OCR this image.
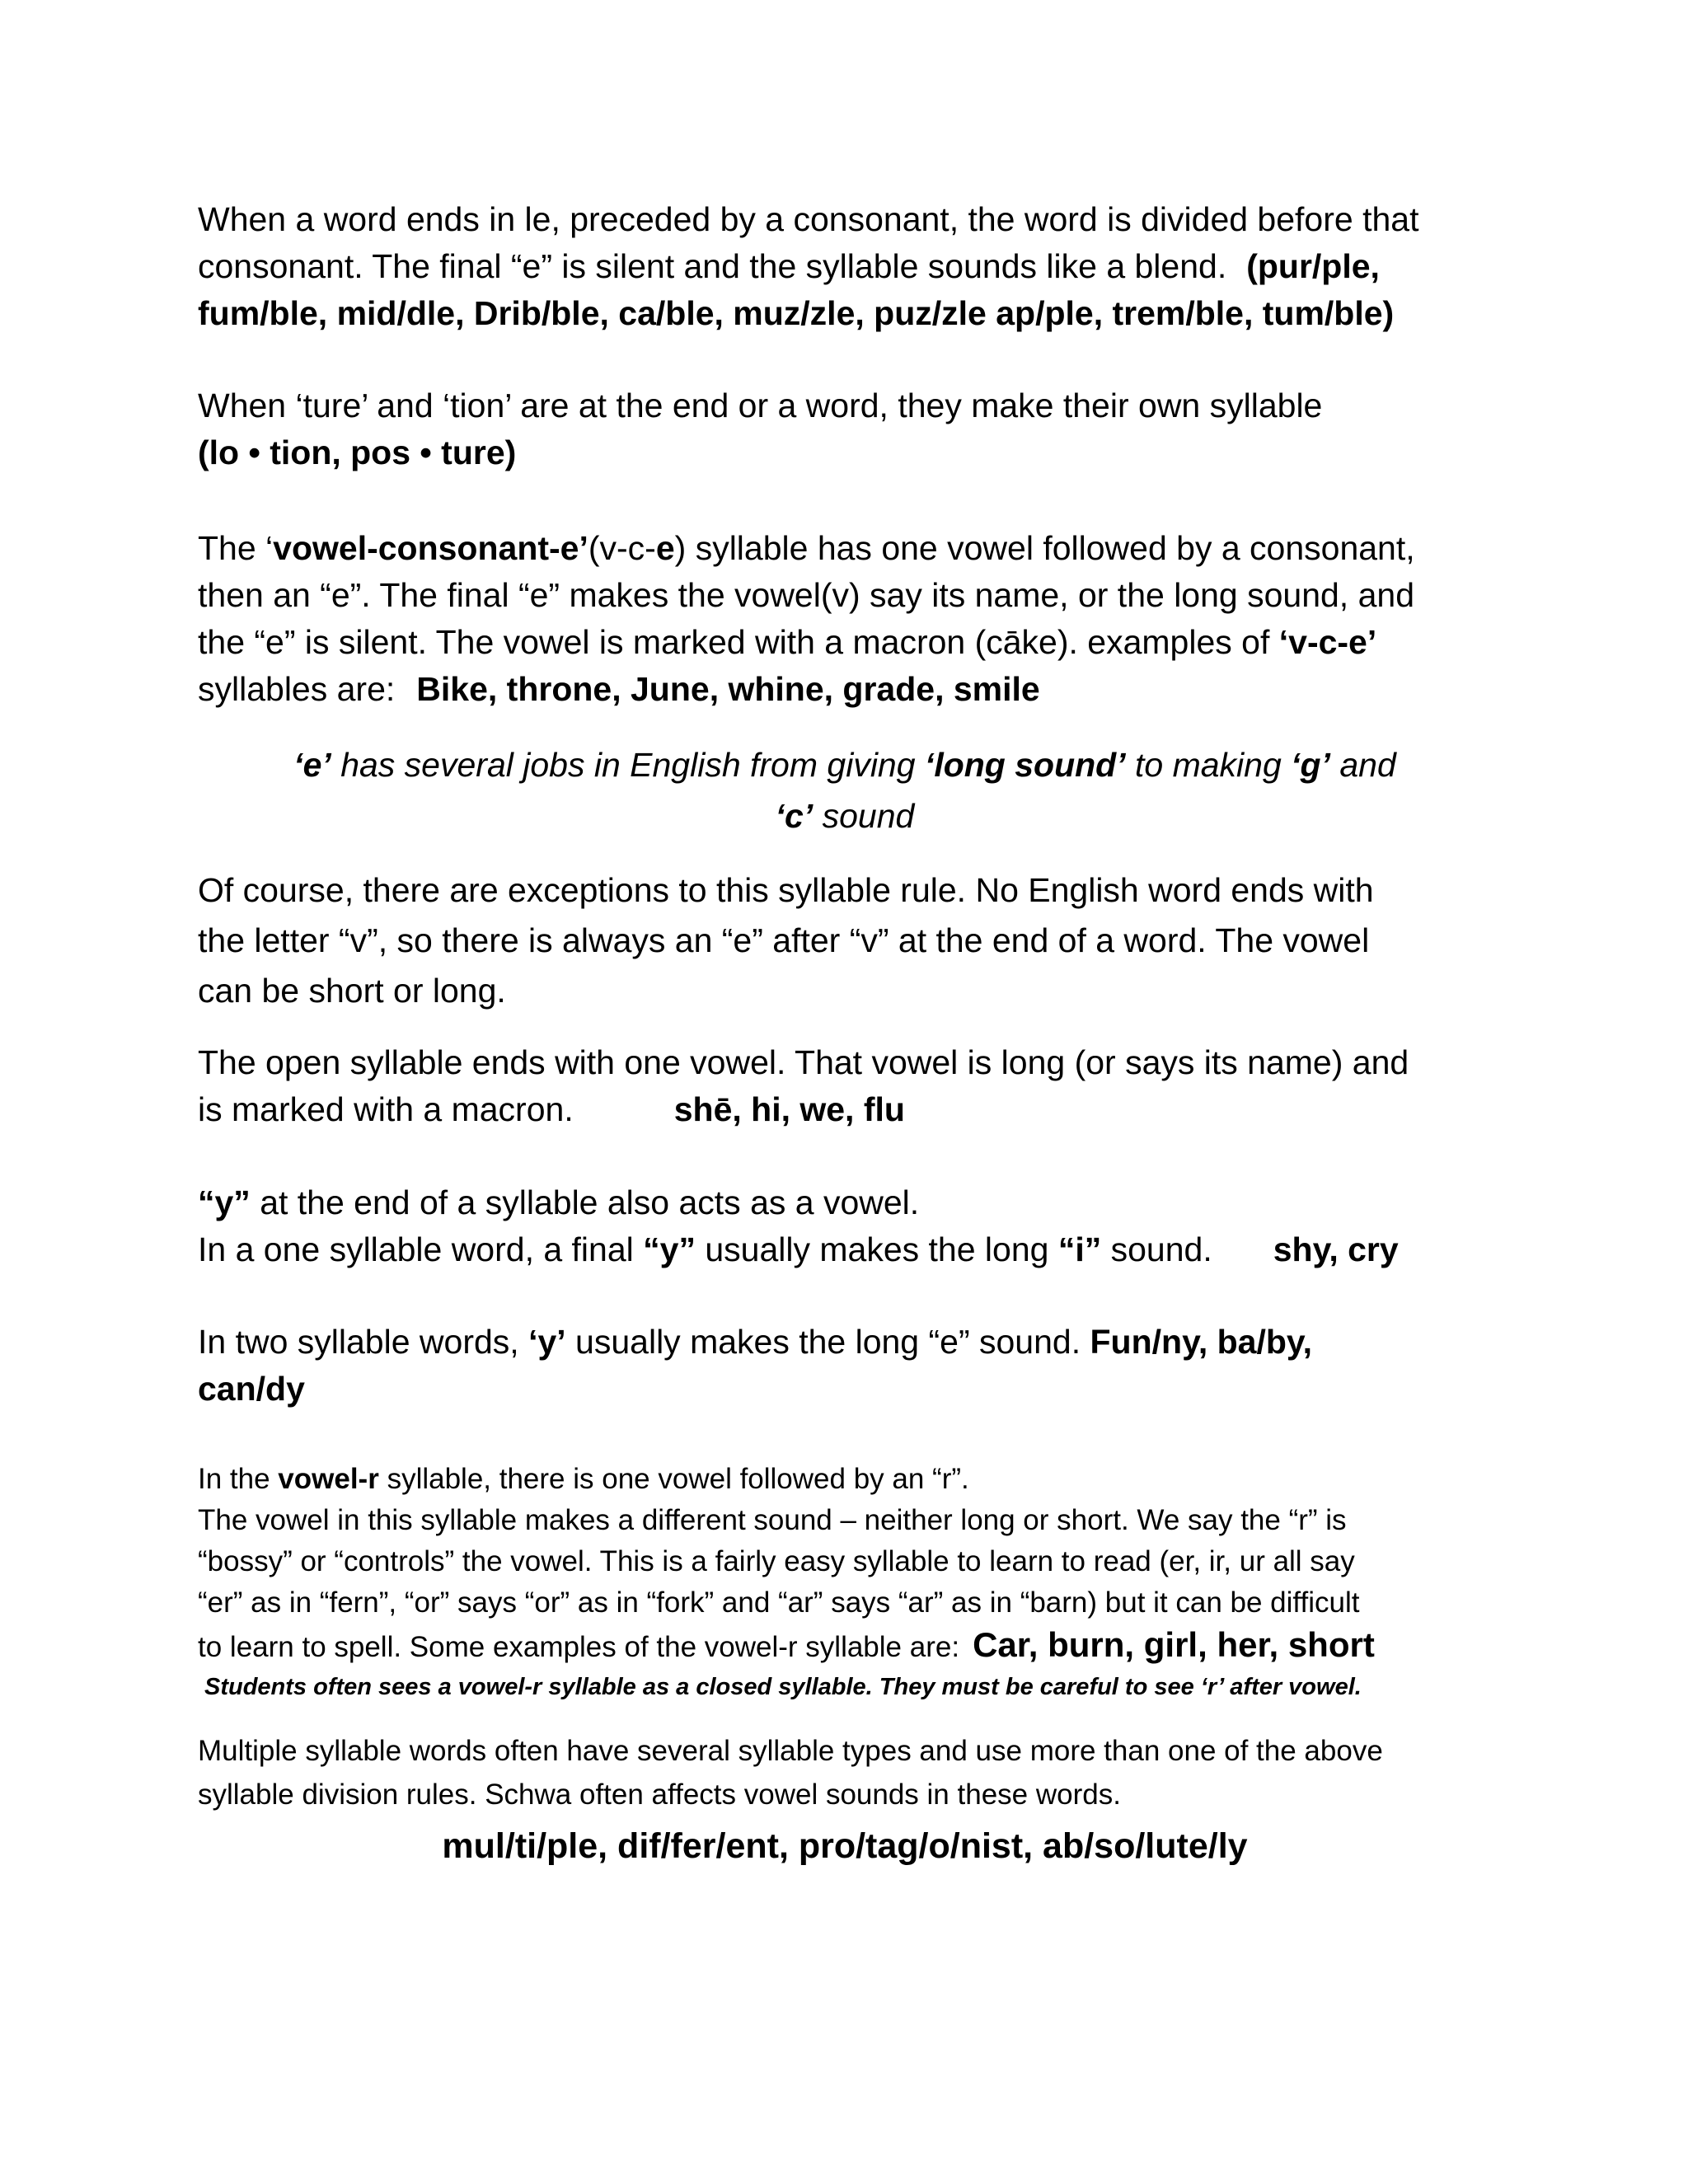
When a word ends in le, preceded by a consonant, the word is divided before that
consonant. The final “e” is silent and the syllable sounds like a blend. (pur/ple,
fum/ble, mid/dle, Drib/ble, ca/ble, muz/zle, puz/zle ap/ple, trem/ble, tum/ble)

When ‘ture’ and ‘tion’ are at the end or a word, they make their own syllable
(lo • tion, pos • ture)

The ‘vowel-consonant-e’(v-c-e) syllable has one vowel followed by a consonant,
then an “e”. The final “e” makes the vowel(v) say its name, or the long sound, and
the “e” is silent. The vowel is marked with a macron (cāke). examples of ‘v-c-e’
syllables are: Bike, throne, June, whine, grade, smile

‘e’ has several jobs in English from giving ‘long sound’ to making ‘g’ and
‘c’ sound

Of course, there are exceptions to this syllable rule. No English word ends with
the letter “v”, so there is always an “e” after “v” at the end of a word. The vowel
can be short or long.

The open syllable ends with one vowel. That vowel is long (or says its name) and
is marked with a macron.	shē, hi, we, flu

“y” at the end of a syllable also acts as a vowel.
In a one syllable word, a final “y” usually makes the long “i” sound. shy, cry

In two syllable words, ‘y’ usually makes the long “e” sound. Fun/ny, ba/by,
can/dy

In the vowel-r syllable, there is one vowel followed by an “r”.
The vowel in this syllable makes a different sound – neither long or short. We say the “r” is
“bossy” or “controls” the vowel. This is a fairly easy syllable to learn to read (er, ir, ur all say
“er” as in “fern”, “or” says “or” as in “fork” and “ar” says “ar” as in “barn) but it can be difficult
to learn to spell. Some examples of the vowel-r syllable are: Car, burn, girl, her, short
Students often sees a vowel-r syllable as a closed syllable. They must be careful to see ‘r’ after vowel.

Multiple syllable words often have several syllable types and use more than one of the above
syllable division rules. Schwa often affects vowel sounds in these words.

mul/ti/ple, dif/fer/ent, pro/tag/o/nist, ab/so/lute/ly
